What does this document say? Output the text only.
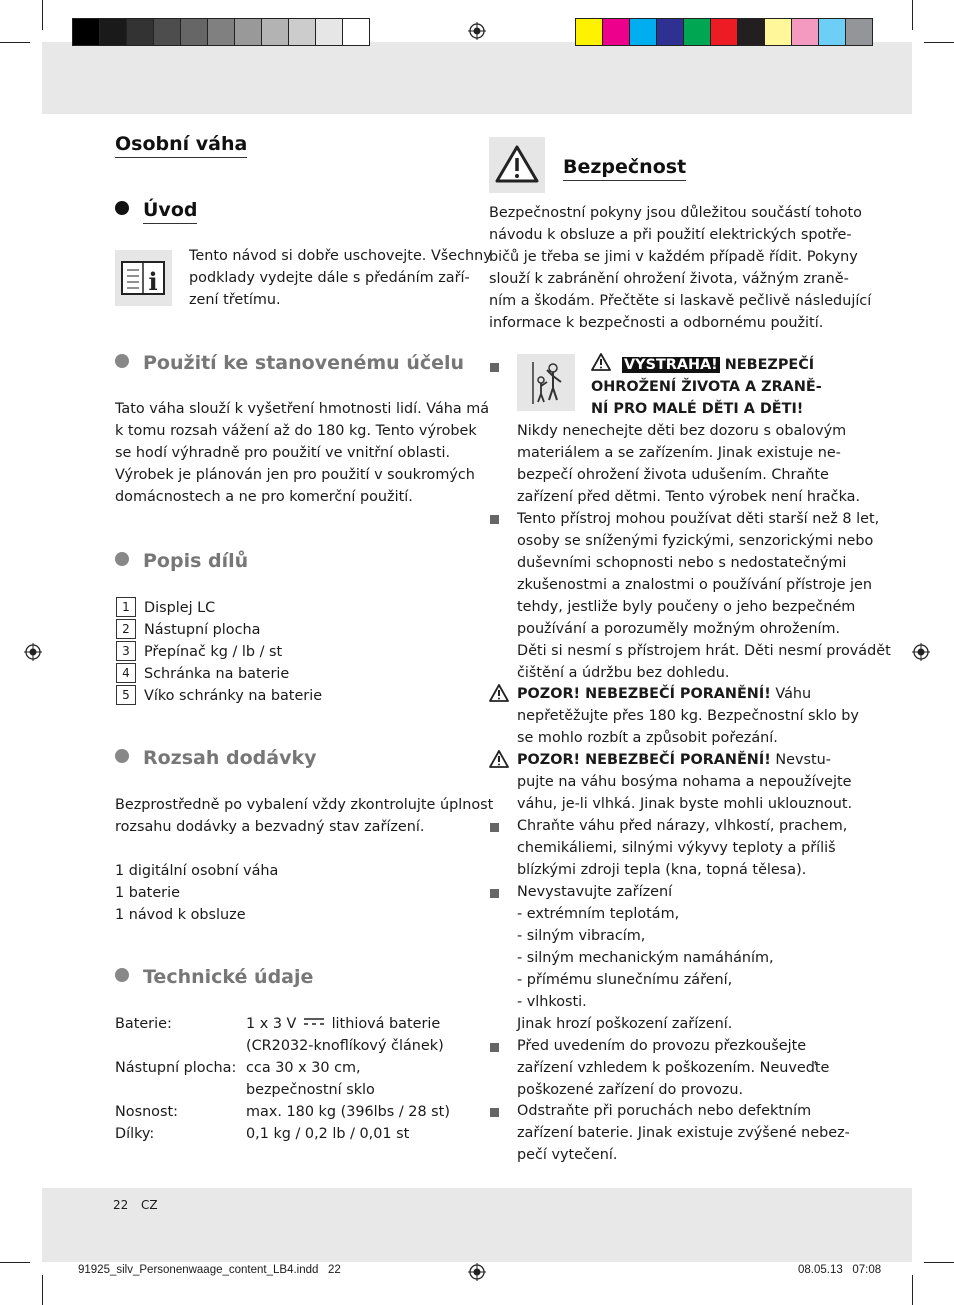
Osobní váha
Úvod
i
Tento návod si dobře uschovejte. Všechny
podklady vydejte dále s předáním zaří-
zení třetímu.
Použití ke stanovenému účelu
Tato váha slouží k vyšetření hmotnosti lidí. Váha má
k tomu rozsah vážení až do 180 kg. Tento výrobek
se hodí výhradně pro použití ve vnitřní oblasti.
Výrobek je plánován jen pro použití v soukromých
domácnostech a ne pro komerční použití.
Popis dílů
1 Displej LC
2 Nástupní plocha
3 Přepínač kg / lb / st
4 Schránka na baterie
5 Víko schránky na baterie
Rozsah dodávky
Bezprostředně po vybalení vždy zkontrolujte úplnost
rozsahu dodávky a bezvadný stav zařízení.
1 digitální osobní váha
1 baterie
1 návod k obsluze
Technické údaje
Baterie:	1 x 3 V lithiová baterie
(CR2032-knoflíkový článek)
Nástupní plocha:	cca 30 x 30 cm,
bezpečnostní sklo
Nosnost:	max. 180 kg (396lbs / 28 st)
Dílky:	0,1 kg / 0,2 lb / 0,01 st
Bezpečnost
Bezpečnostní pokyny jsou důležitou součástí tohoto
návodu k obsluze a při použití elektrických spotře-
bičů je třeba se jimi v každém případě řídit. Pokyny
slouží k zabránění ohrožení života, vážným zraně-
ním a škodám. Přečtěte si laskavě pečlivě následující
informace k bezpečnosti a odbornému použití.
VÝSTRAHA! NEBEZPEČÍ
OHROŽENÍ ŽIVOTA A ZRANĚ-
NÍ PRO MALÉ DĚTI A DĚTI!
Nikdy nenechejte děti bez dozoru s obalovým
materiálem a se zařízením. Jinak existuje ne-
bezpečí ohrožení života udušením. Chraňte
zařízení před dětmi. Tento výrobek není hračka.
Tento přístroj mohou používat děti starší než 8 let,
osoby se sníženými fyzickými, senzorickými nebo
duševními schopnosti nebo s nedostatečnými
zkušenostmi a znalostmi o používání přístroje jen
tehdy, jestliže byly poučeny o jeho bezpečném
používání a porozuměly možným ohrožením.
Děti si nesmí s přístrojem hrát. Děti nesmí provádět
čištění a údržbu bez dohledu.
POZOR! NEBEZBEČÍ PORANĚNÍ! Váhu
nepřetěžujte přes 180 kg. Bezpečnostní sklo by
se mohlo rozbít a způsobit pořezání.
POZOR! NEBEZBEČÍ PORANĚNÍ! Nevstu-
pujte na váhu bosýma nohama a nepoužívejte
váhu, je-li vlhká. Jinak byste mohli uklouznout.
Chraňte váhu před nárazy, vlhkostí, prachem,
chemikáliemi, silnými výkyvy teploty a příliš
blízkými zdroji tepla (kna, topná tělesa).
Nevystavujte zařízení
- extrémním teplotám,
- silným vibracím,
- silným mechanickým namáháním,
- přímému slunečnímu záření,
- vlhkosti.
Jinak hrozí poškození zařízení.
Před uvedením do provozu přezkoušejte
zařízení vzhledem k poškozením. Neuveďte
poškozené zařízení do provozu.
Odstraňte při poruchách nebo defektním
zařízení baterie. Jinak existuje zvýšené nebez-
pečí vytečení.
22 CZ
91925_silv_Personenwaage_content_LB4.indd   22	08.05.13   07:08
